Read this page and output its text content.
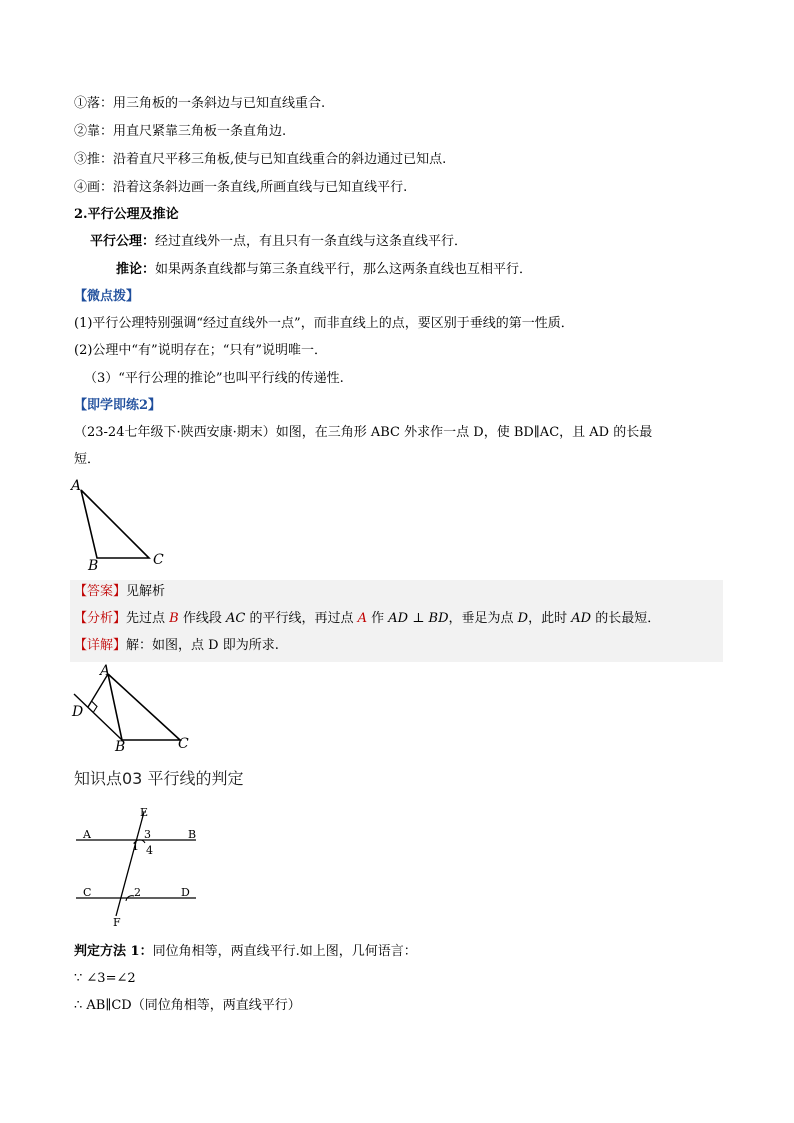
①落：用三角板的一条斜边与已知直线重合.
②靠：用直尺紧靠三角板一条直角边.
③推：沿着直尺平移三角板,使与已知直线重合的斜边通过已知点.
④画：沿着这条斜边画一条直线,所画直线与已知直线平行.
2.平行公理及推论
平行公理：经过直线外一点，有且只有一条直线与这条直线平行．
推论：如果两条直线都与第三条直线平行，那么这两条直线也互相平行．
【微点拨】
(1)平行公理特别强调“经过直线外一点”，而非直线上的点，要区别于垂线的第一性质．
(2)公理中“有”说明存在；“只有”说明唯一．
（3）“平行公理的推论”也叫平行线的传递性.
【即学即练2】
（23-24七年级下·陕西安康·期末）如图，在三角形 ABC 外求作一点 D，使 BD∥AC，且 AD 的长最
短．
A
B	C
【答案】见解析
【分析】先过点 B 作线段 AC 的平行线，再过点 A 作 AD ⊥ BD，垂足为点 D，此时 AD 的长最短．
【详解】解：如图，点 D 即为所求.
A
D
B	C
知识点03 平行线的判定
A	B
C	D
E
F
1
2
3
4
判定方法 1：同位角相等，两直线平行.如上图，几何语言：
∵ ∠3=∠2
∴ AB∥CD（同位角相等，两直线平行）
